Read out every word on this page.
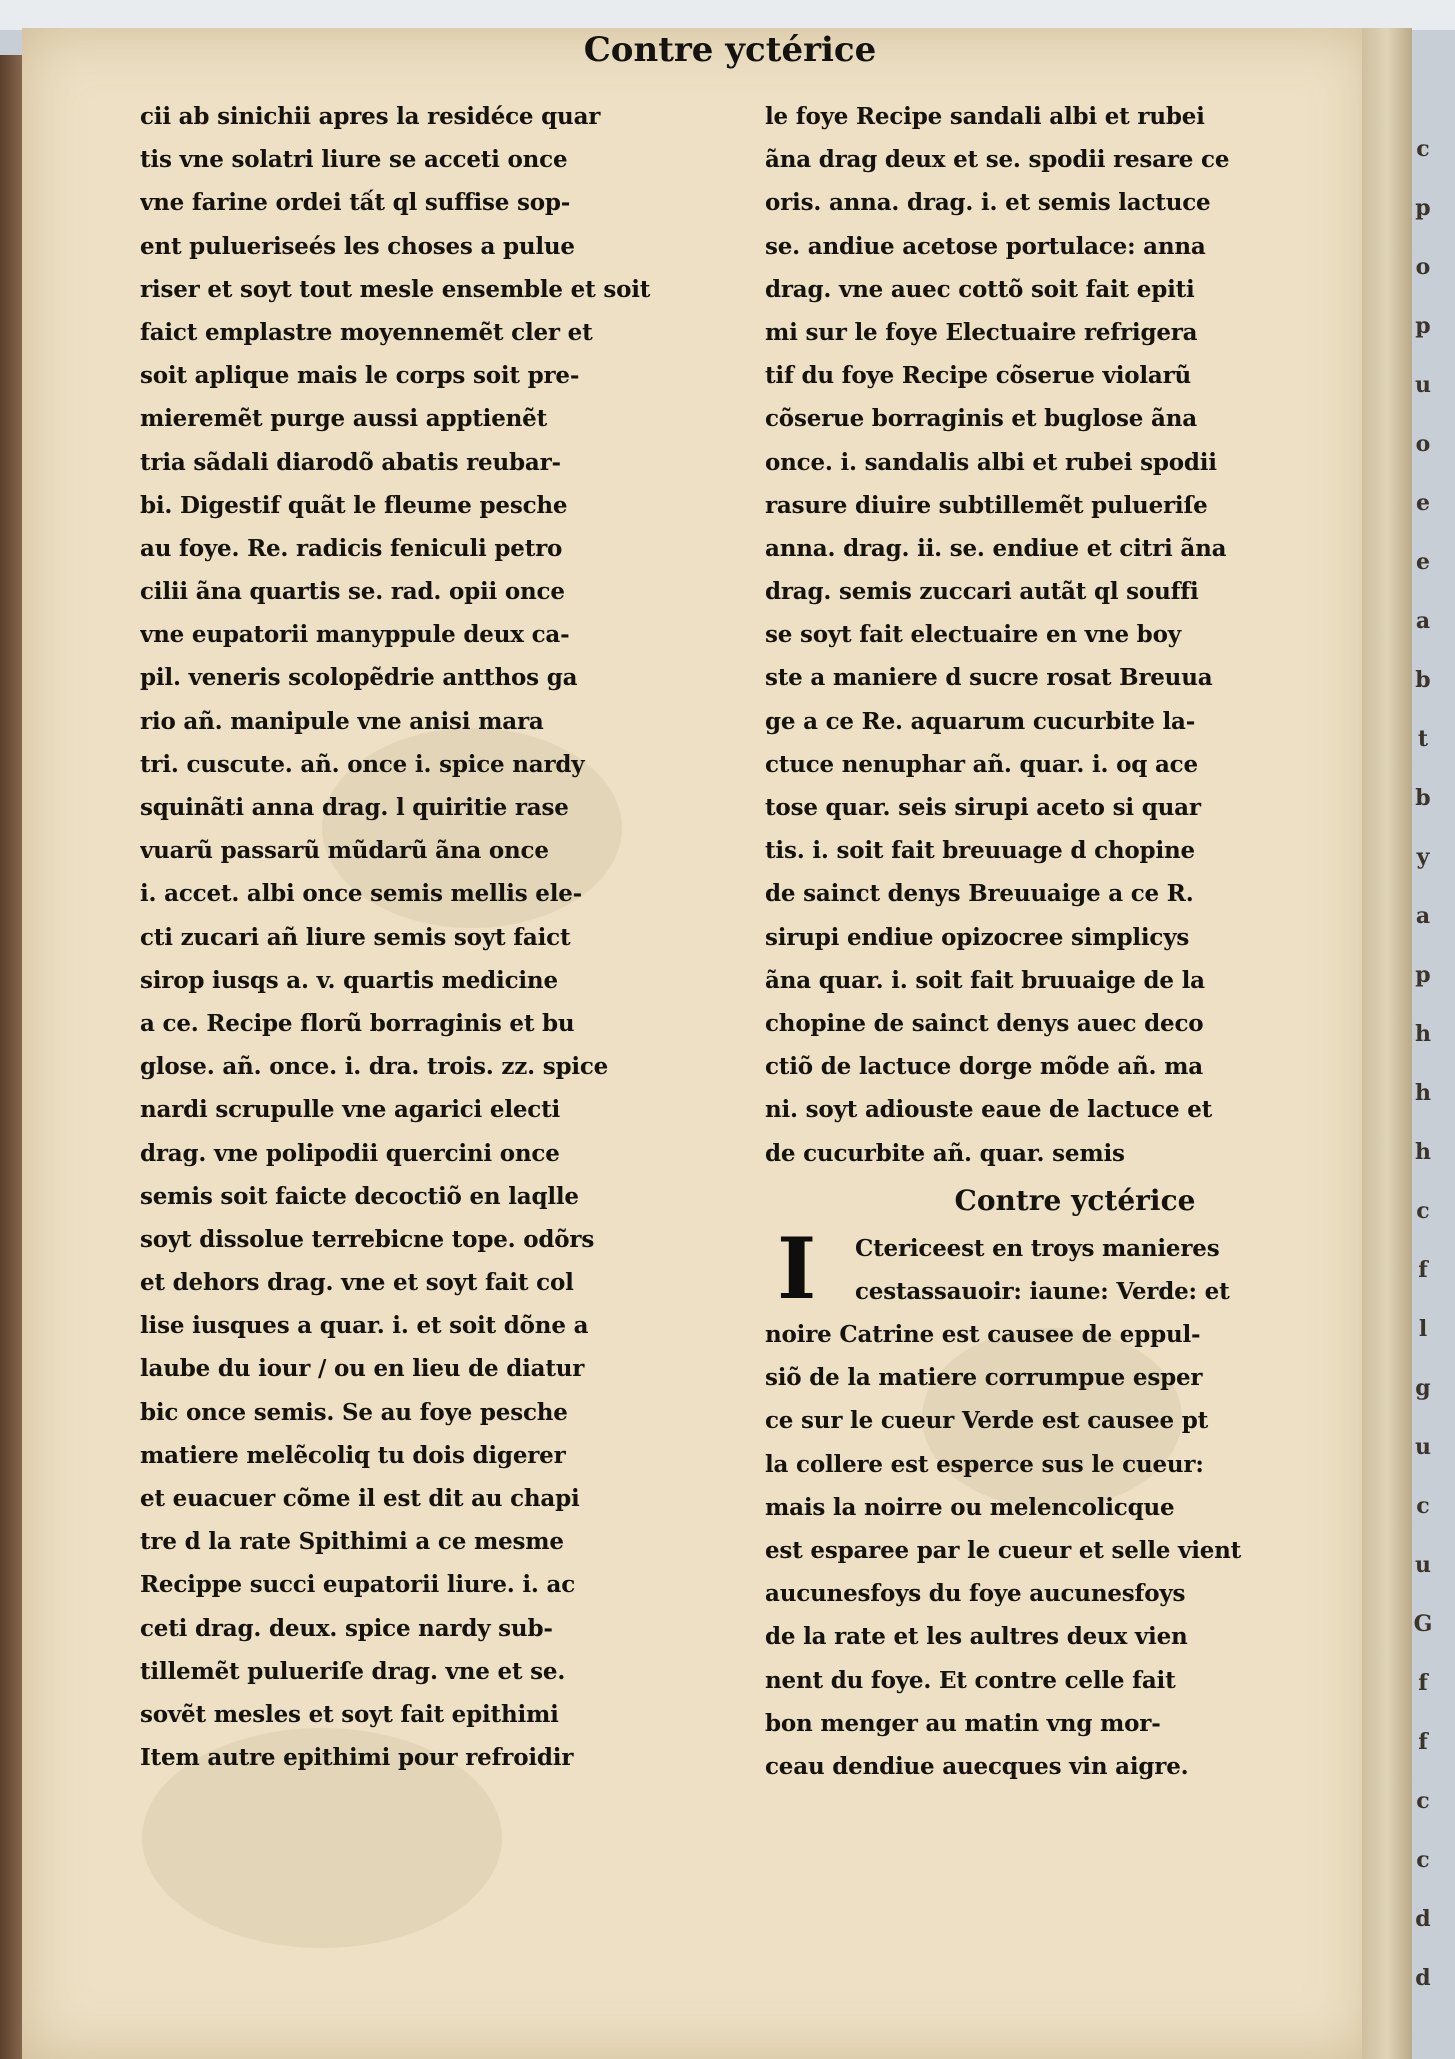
c
p
o
p
u
o
e
e
a
b
t
b
y
a
p
h
h
h
c
f
l
g
u
c
u
G
f
f
c
c
d
d
Contre yctérice
cii ab sinichii apres la residéce quar
tis vne solatri liure se acceti once
vne farine ordei tất ql suffise sop-
ent pulueriseés les choses a pulue
riser et soyt tout mesle ensemble et soit
faict emplastre moyennemẽt cler et
soit aplique mais le corps soit pre-
mieremẽt purge aussi apptienẽt
tria sãdali diarodõ abatis reubar-
bi. Digestif quãt le fleume pesche
au foye. Re. radicis feniculi petro
cilii ãna quartis se. rad. opii once
vne eupatorii manyppule deux ca-
pil. veneris scolopẽdrie antthos ga
rio añ. manipule vne anisi mara
tri. cuscute. añ. once i. spice nardy
squinãti anna drag. l quiritie rase
vuarũ passarũ mũdarũ ãna once
i. accet. albi once semis mellis ele-
cti zucari añ liure semis soyt faict
sirop iusqs a. v. quartis medicine
a ce. Recipe florũ borraginis et bu
glose. añ. once. i. dra. trois. zz. spice
nardi scrupulle vne agarici electi
drag. vne polipodii quercini once
semis soit faicte decoctiõ en laqlle
soyt dissolue terrebicne tope. odõrs
et dehors drag. vne et soyt fait col
lise iusques a quar. i. et soit dõne a
laube du iour / ou en lieu de diatur
bic once semis. Se au foye pesche
matiere melẽcoliq tu dois digerer
et euacuer cõme il est dit au chapi
tre d la rate Spithimi a ce mesme
Recippe succi eupatorii liure. i. ac
ceti drag. deux. spice nardy sub-
tillemẽt pulueriſe drag. vne et se.
sovẽt mesles et soyt fait epithimi
Item autre epithimi pour refroidir
le foye Recipe sandali albi et rubei
ãna drag deux et se. spodii resare ce
oris. anna. drag. i. et semis lactuce
se. andiue acetose portulace: anna
drag. vne auec cottõ soit fait epiti
mi sur le foye Electuaire refrigera
tif du foye Recipe cõserue violarũ
cõserue borraginis et buglose ãna
once. i. sandalis albi et rubei spodii
rasure diuire subtillemẽt pulueriſe
anna. drag. ii. se. endiue et citri ãna
drag. semis zuccari autãt ql souffi
se soyt fait electuaire en vne boy
ste a maniere d sucre rosat Breuua
ge a ce Re. aquarum cucurbite la-
ctuce nenuphar añ. quar. i. oq ace
tose quar. seis sirupi aceto si quar
tis. i. soit fait breuuage d chopine
de sainct denys Breuuaige a ce R.
sirupi endiue opizocree simplicys
ãna quar. i. soit fait bruuaige de la
chopine de sainct denys auec deco
ctiõ de lactuce dorge mõde añ. ma
ni. soyt adiouste eaue de lactuce et
de cucurbite añ. quar. semis
Contre yctérice
I	Ctericeest en troys manieres
cestassauoir: iaune: Verde: et
noire Catrine est causee de eppul-
siõ de la matiere corrumpue esper
ce sur le cueur Verde est causee pt
la collere est esperce sus le cueur:
mais la noirre ou melencolicque
est esparee par le cueur et selle vient
aucunesfoys du foye aucunesfoys
de la rate et les aultres deux vien
nent du foye. Et contre celle fait
bon menger au matin vng mor-
ceau dendiue auecques vin aigre.
